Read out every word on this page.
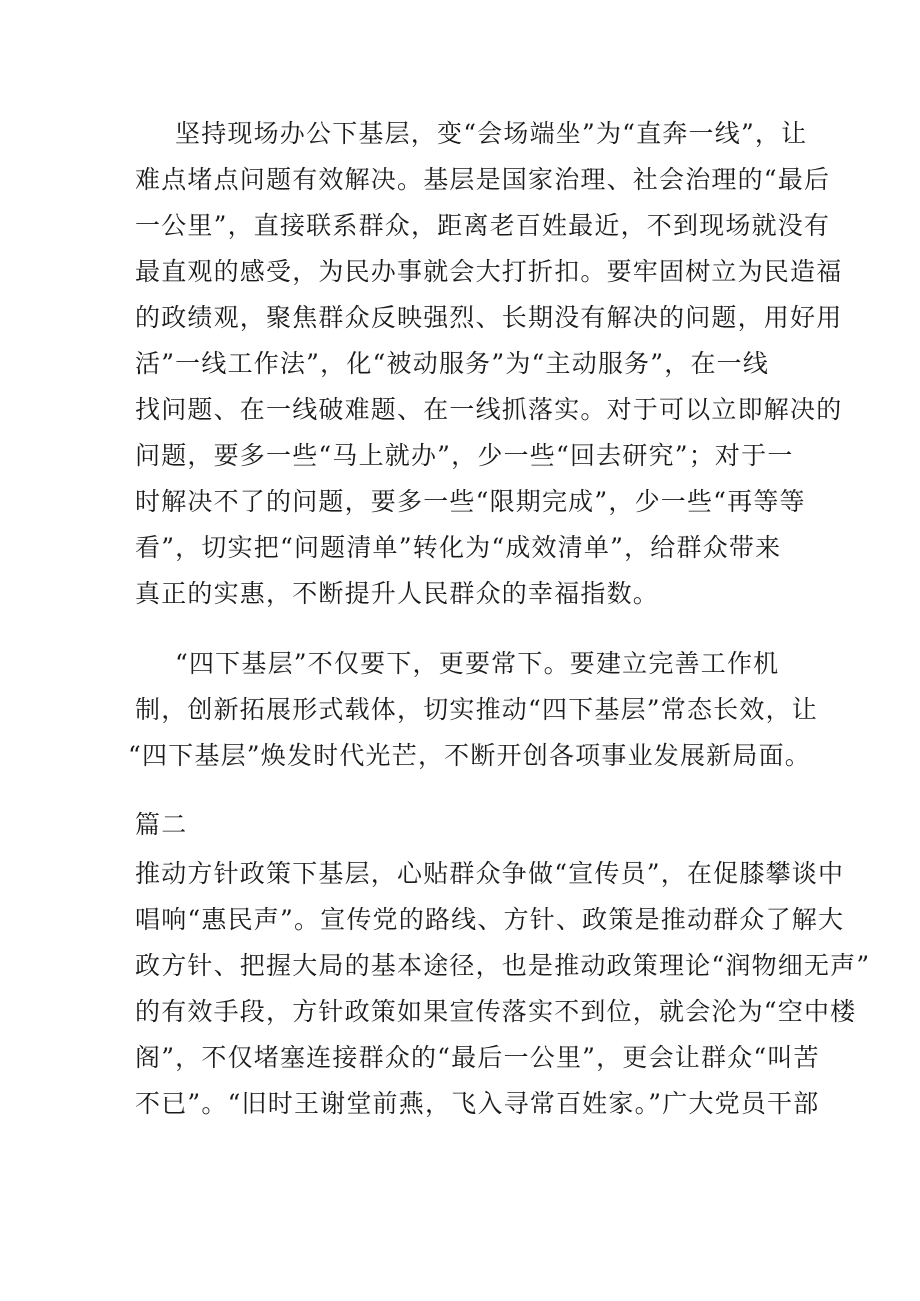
坚持现场办公下基层，变“会场端坐”为“直奔一线”，让
难点堵点问题有效解决。基层是国家治理、社会治理的“最后
一公里”，直接联系群众，距离老百姓最近，不到现场就没有
最直观的感受，为民办事就会大打折扣。要牢固树立为民造福
的政绩观，聚焦群众反映强烈、长期没有解决的问题，用好用
活”一线工作法”，化“被动服务”为“主动服务”，在一线
找问题、在一线破难题、在一线抓落实。对于可以立即解决的
问题，要多一些“马上就办”，少一些“回去研究”；对于一
时解决不了的问题，要多一些“限期完成”，少一些“再等等
看”，切实把“问题清单”转化为“成效清单”，给群众带来
真正的实惠，不断提升人民群众的幸福指数。
“四下基层”不仅要下，更要常下。要建立完善工作机
制，创新拓展形式载体，切实推动“四下基层”常态长效，让
“四下基层”焕发时代光芒，不断开创各项事业发展新局面。
篇二
推动方针政策下基层，心贴群众争做“宣传员”，在促膝攀谈中
唱响“惠民声”。宣传党的路线、方针、政策是推动群众了解大
政方针、把握大局的基本途径，也是推动政策理论“润物细无声”
的有效手段，方针政策如果宣传落实不到位，就会沦为“空中楼
阁”，不仅堵塞连接群众的“最后一公里”，更会让群众“叫苦
不已”。“旧时王谢堂前燕，飞入寻常百姓家。”广大党员干部
